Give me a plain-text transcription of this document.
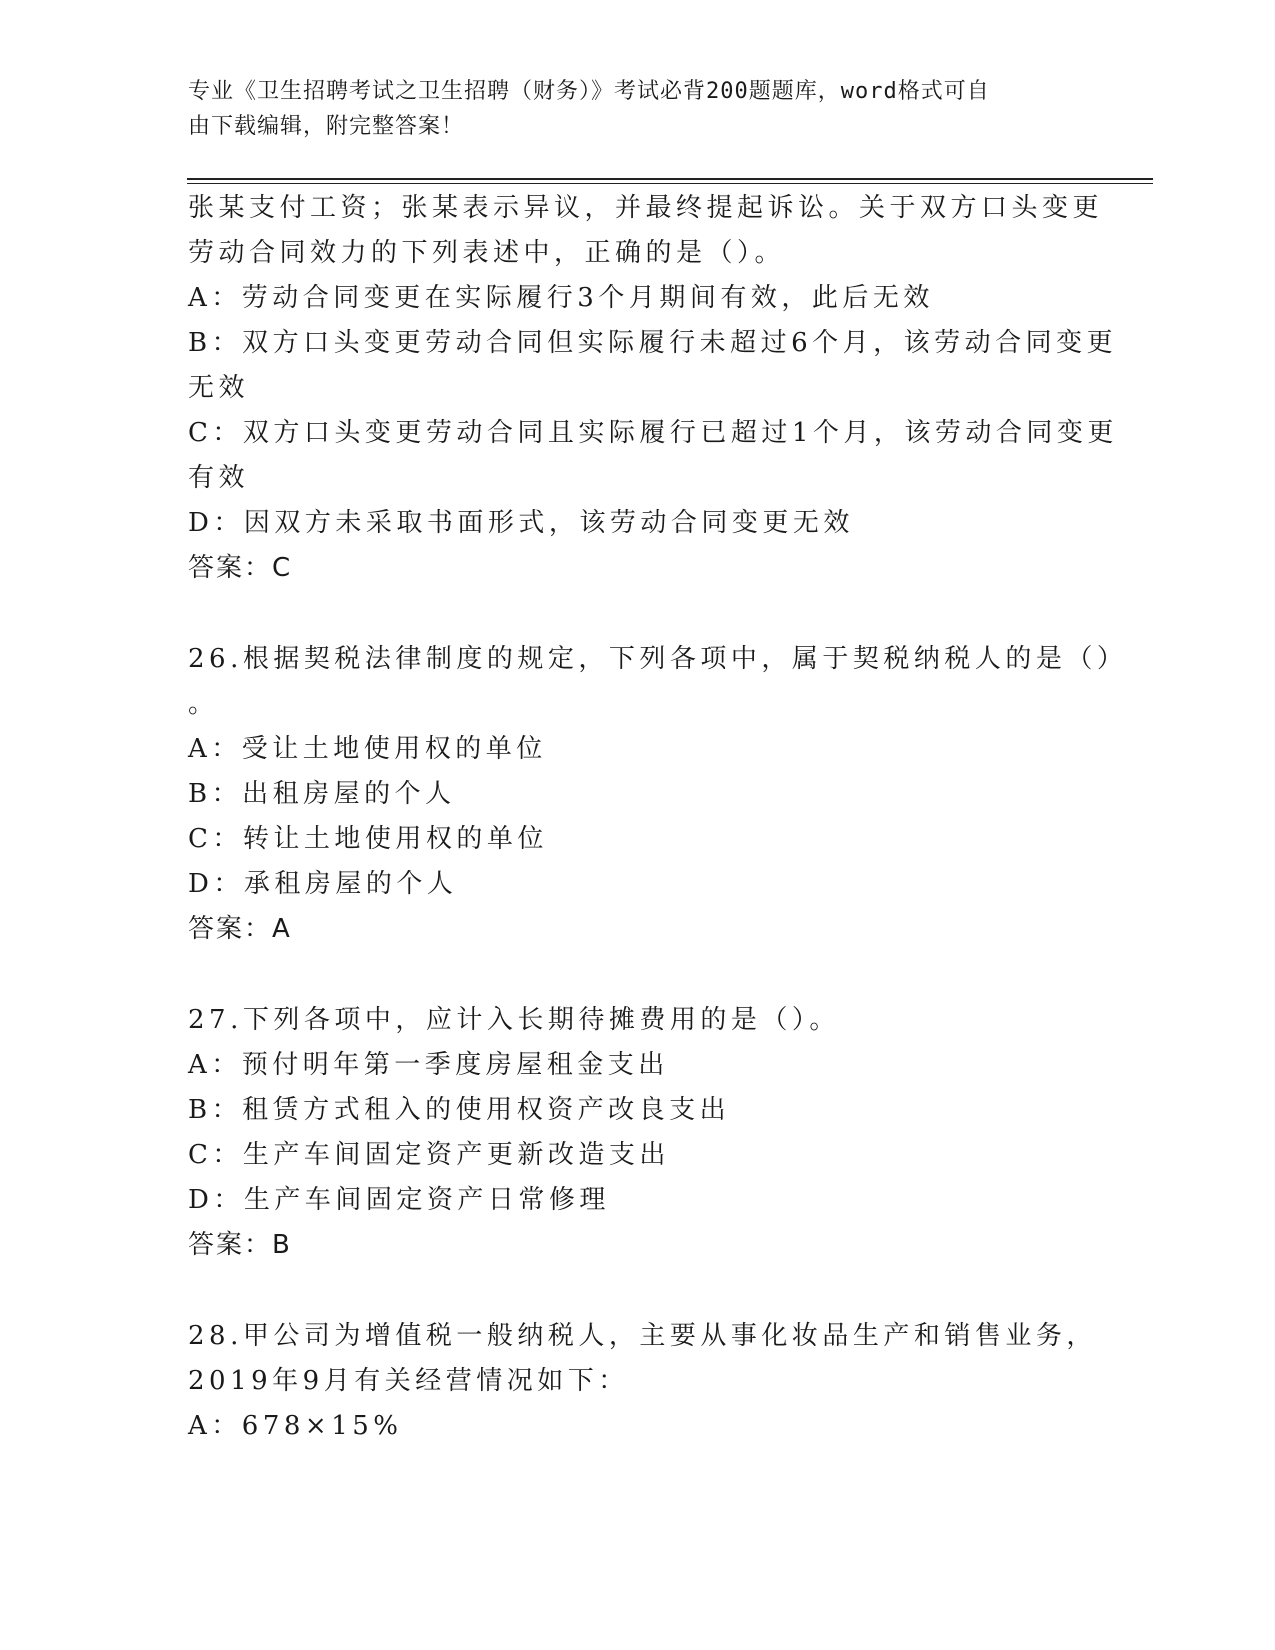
专业《卫生招聘考试之卫生招聘（财务）》考试必背200题题库，word格式可自
由下载编辑，附完整答案！

张某支付工资；张某表示异议，并最终提起诉讼。关于双方口头变更

劳动合同效力的下列表述中，正确的是（）。

A：劳动合同变更在实际履行3个月期间有效，此后无效

B：双方口头变更劳动合同但实际履行未超过6个月，该劳动合同变更

无效

C：双方口头变更劳动合同且实际履行已超过1个月，该劳动合同变更

有效

D：因双方未采取书面形式，该劳动合同变更无效

答案：C

26.根据契税法律制度的规定，下列各项中，属于契税纳税人的是（）

。

A：受让土地使用权的单位

B：出租房屋的个人

C：转让土地使用权的单位

D：承租房屋的个人

答案：A

27.下列各项中，应计入长期待摊费用的是（）。

A：预付明年第一季度房屋租金支出

B：租赁方式租入的使用权资产改良支出

C：生产车间固定资产更新改造支出

D：生产车间固定资产日常修理

答案：B

28.甲公司为增值税一般纳税人，主要从事化妆品生产和销售业务，

2019年9月有关经营情况如下：

A：678×15%
